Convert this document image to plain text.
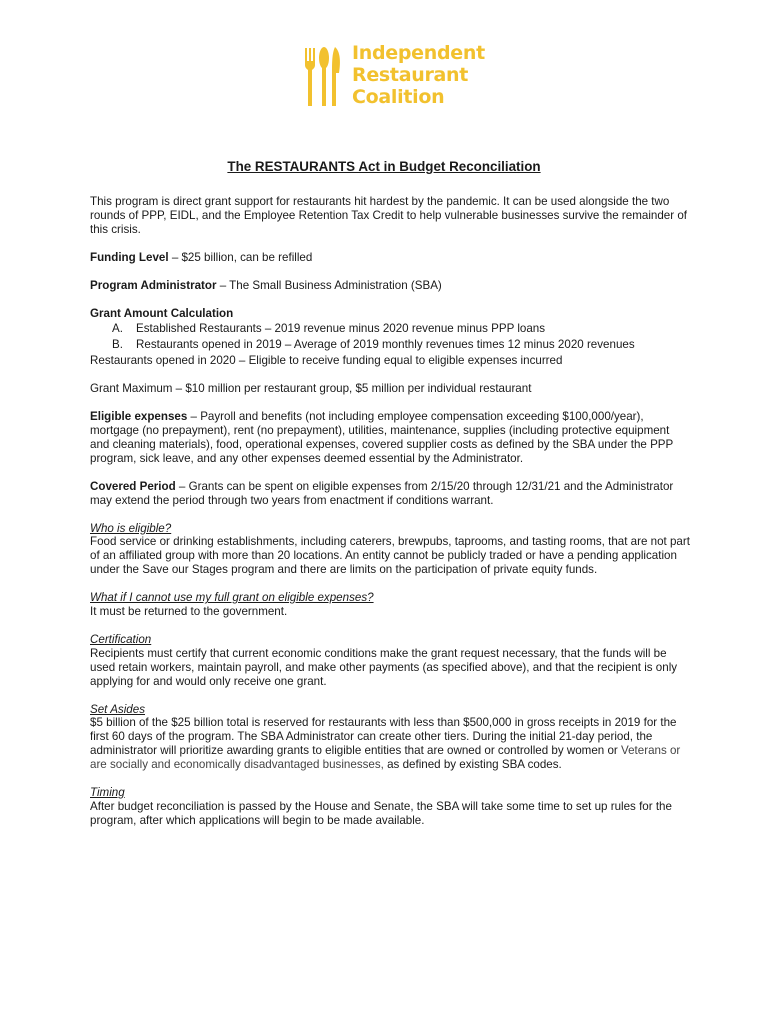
Independent
Restaurant
Coalition
The RESTAURANTS Act in Budget Reconciliation

This program is direct grant support for restaurants hit hardest by the pandemic. It can be used alongside the two rounds of PPP, EIDL, and the Employee Retention Tax Credit to help vulnerable businesses survive the remainder of this crisis.

Funding Level – $25 billion, can be refilled

Program Administrator – The Small Business Administration (SBA)

Grant Amount Calculation
A.	Established Restaurants – 2019 revenue minus 2020 revenue minus PPP loans
B.	Restaurants opened in 2019 – Average of 2019 monthly revenues times 12 minus 2020 revenues
Restaurants opened in 2020 – Eligible to receive funding equal to eligible expenses incurred

Grant Maximum – $10 million per restaurant group, $5 million per individual restaurant

Eligible expenses – Payroll and benefits (not including employee compensation exceeding $100,000/year), mortgage (no prepayment), rent (no prepayment), utilities, maintenance, supplies (including protective equipment and cleaning materials), food, operational expenses, covered supplier costs as defined by the SBA under the PPP program, sick leave, and any other expenses deemed essential by the Administrator.

Covered Period – Grants can be spent on eligible expenses from 2/15/20 through 12/31/21 and the Administrator may extend the period through two years from enactment if conditions warrant.

Who is eligible?
Food service or drinking establishments, including caterers, brewpubs, taprooms, and tasting rooms, that are not part of an affiliated group with more than 20 locations. An entity cannot be publicly traded or have a pending application under the Save our Stages program and there are limits on the participation of private equity funds.
What if I cannot use my full grant on eligible expenses?
It must be returned to the government.
Certification
Recipients must certify that current economic conditions make the grant request necessary, that the funds will be used retain workers, maintain payroll, and make other payments (as specified above), and that the recipient is only applying for and would only receive one grant.
Set Asides
$5 billion of the $25 billion total is reserved for restaurants with less than $500,000 in gross receipts in 2019 for the first 60 days of the program. The SBA Administrator can create other tiers. During the initial 21-day period, the administrator will prioritize awarding grants to eligible entities that are owned or controlled by women or Veterans or are socially and economically disadvantaged businesses, as defined by existing SBA codes.
Timing
After budget reconciliation is passed by the House and Senate, the SBA will take some time to set up rules for the program, after which applications will begin to be made available.
